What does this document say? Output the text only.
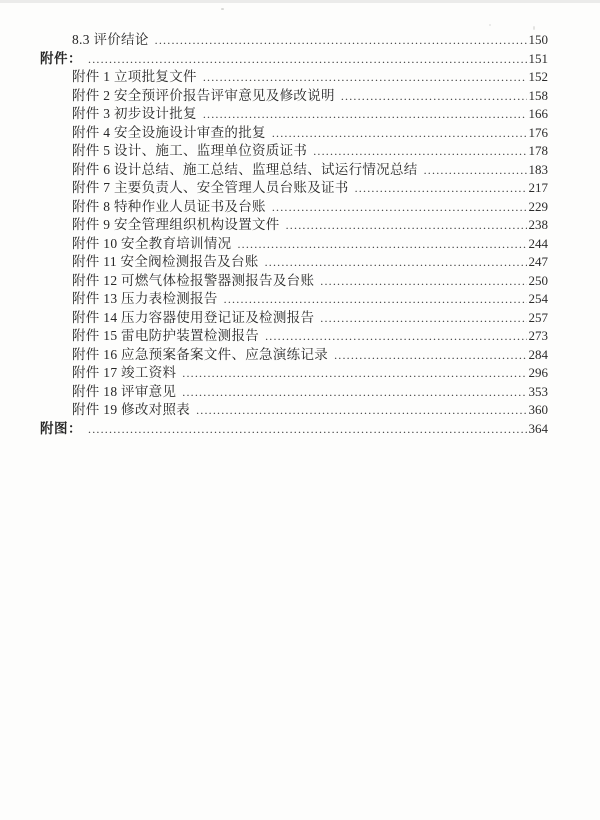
8.3 评价结论 .....	150
附件： .....	151
附件 1 立项批复文件 .....	152
附件 2 安全预评价报告评审意见及修改说明 .....	158
附件 3 初步设计批复 .....	166
附件 4 安全设施设计审查的批复 .....	176
附件 5 设计、施工、监理单位资质证书 .....	178
附件 6 设计总结、施工总结、监理总结、试运行情况总结 .....	183
附件 7 主要负责人、安全管理人员台账及证书 .....	217
附件 8 特种作业人员证书及台账 .....	229
附件 9 安全管理组织机构设置文件 .....	238
附件 10 安全教育培训情况 .....	244
附件 11 安全阀检测报告及台账 .....	247
附件 12 可燃气体检报警器测报告及台账 .....	250
附件 13 压力表检测报告 .....	254
附件 14 压力容器使用登记证及检测报告 .....	257
附件 15 雷电防护装置检测报告 .....	273
附件 16 应急预案备案文件、应急演练记录 .....	284
附件 17 竣工资料 .....	296
附件 18 评审意见 .....	353
附件 19 修改对照表 .....	360
附图： .....	364
